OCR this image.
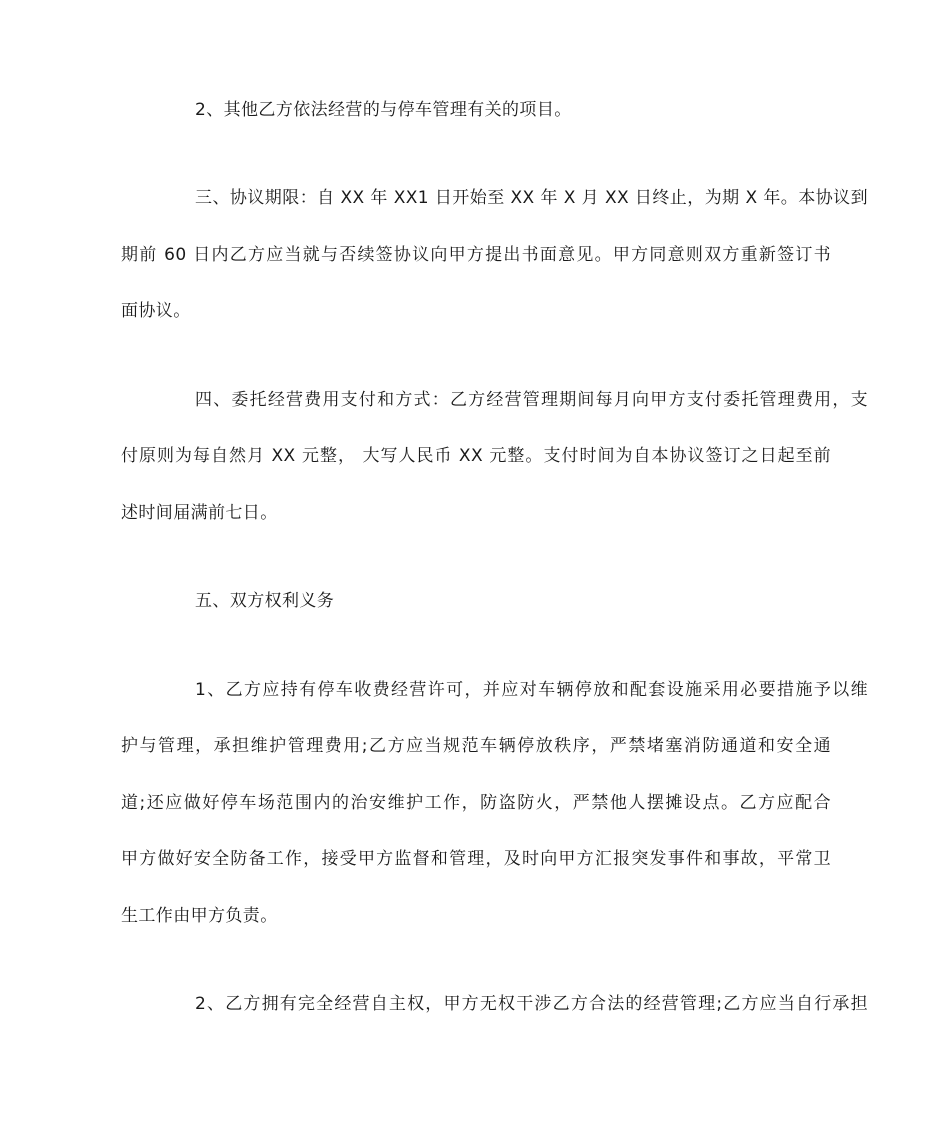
2、其他乙方依法经营的与停车管理有关的项目。
三、协议期限：自 XX 年 XX1 日开始至 XX 年 X 月 XX 日终止，为期 X 年。本协议到
期前 60 日内乙方应当就与否续签协议向甲方提出书面意见。甲方同意则双方重新签订书
面协议。
四、委托经营费用支付和方式：乙方经营管理期间每月向甲方支付委托管理费用，支
付原则为每自然月 XX 元整， 大写人民币 XX 元整。支付时间为自本协议签订之日起至前
述时间届满前七日。
五、双方权利义务
1、乙方应持有停车收费经营许可，并应对车辆停放和配套设施采用必要措施予以维
护与管理，承担维护管理费用;乙方应当规范车辆停放秩序，严禁堵塞消防通道和安全通
道;还应做好停车场范围内的治安维护工作，防盗防火，严禁他人摆摊设点。乙方应配合
甲方做好安全防备工作，接受甲方监督和管理，及时向甲方汇报突发事件和事故，平常卫
生工作由甲方负责。
2、乙方拥有完全经营自主权，甲方无权干涉乙方合法的经营管理;乙方应当自行承担
